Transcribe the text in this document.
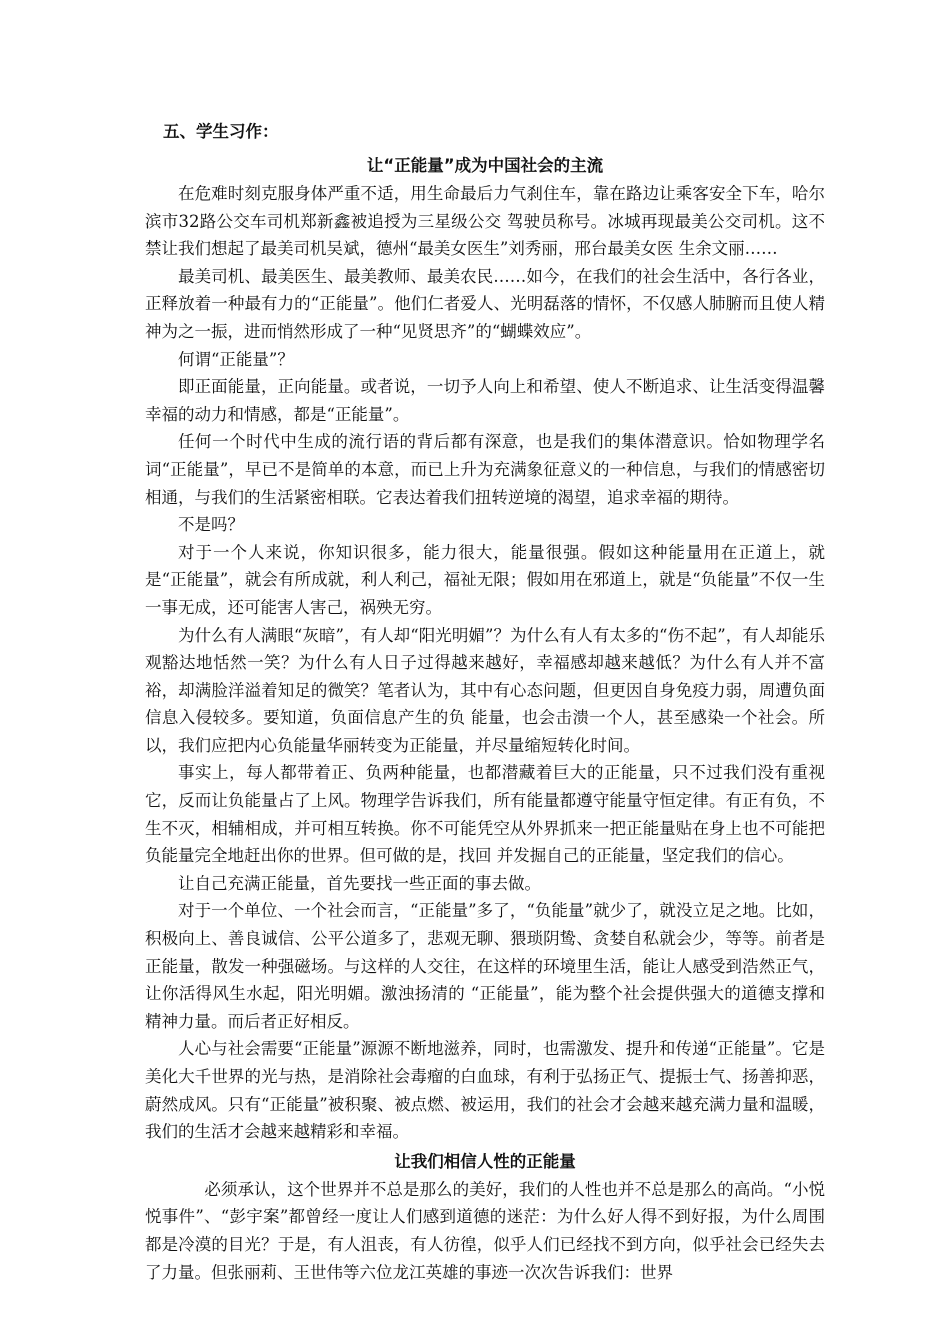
五、学生习作：
让“正能量”成为中国社会的主流

在危难时刻克服身体严重不适，用生命最后力气刹住车，靠在路边让乘客安全下车，哈尔滨市32路公交车司机郑新鑫被追授为三星级公交 驾驶员称号。冰城再现最美公交司机。这不禁让我们想起了最美司机吴斌，德州“最美女医生”刘秀丽，邢台最美女医 生余文丽……

最美司机、最美医生、最美教师、最美农民……如今，在我们的社会生活中，各行各业，正释放着一种最有力的“正能量”。他们仁者爱人、光明磊落的情怀，不仅感人肺腑而且使人精神为之一振，进而悄然形成了一种“见贤思齐”的“蝴蝶效应”。

何谓“正能量”？

即正面能量，正向能量。或者说，一切予人向上和希望、使人不断追求、让生活变得温馨幸福的动力和情感，都是“正能量”。

任何一个时代中生成的流行语的背后都有深意，也是我们的集体潜意识。恰如物理学名词“正能量”，早已不是简单的本意，而已上升为充满象征意义的一种信息，与我们的情感密切相通，与我们的生活紧密相联。它表达着我们扭转逆境的渴望，追求幸福的期待。

不是吗？

对于一个人来说，你知识很多，能力很大，能量很强。假如这种能量用在正道上，就是“正能量”，就会有所成就，利人利己，福祉无限；假如用在邪道上，就是“负能量”不仅一生一事无成，还可能害人害己，祸殃无穷。

为什么有人满眼“灰暗”，有人却“阳光明媚”？为什么有人有太多的“伤不起”，有人却能乐观豁达地恬然一笑？为什么有人日子过得越来越好，幸福感却越来越低？为什么有人并不富裕，却满脸洋溢着知足的微笑？笔者认为，其中有心态问题，但更因自身免疫力弱，周遭负面信息入侵较多。要知道，负面信息产生的负 能量，也会击溃一个人，甚至感染一个社会。所以，我们应把内心负能量华丽转变为正能量，并尽量缩短转化时间。

事实上，每人都带着正、负两种能量，也都潜藏着巨大的正能量，只不过我们没有重视它，反而让负能量占了上风。物理学告诉我们，所有能量都遵守能量守恒定律。有正有负，不生不灭，相辅相成，并可相互转换。你不可能凭空从外界抓来一把正能量贴在身上也不可能把负能量完全地赶出你的世界。但可做的是，找回 并发掘自己的正能量，坚定我们的信心。

让自己充满正能量，首先要找一些正面的事去做。

对于一个单位、一个社会而言，“正能量”多了，“负能量”就少了，就没立足之地。比如，积极向上、善良诚信、公平公道多了，悲观无聊、猥琐阴鸷、贪婪自私就会少，等等。前者是正能量，散发一种强磁场。与这样的人交往，在这样的环境里生活，能让人感受到浩然正气，让你活得风生水起，阳光明媚。激浊扬清的 “正能量”，能为整个社会提供强大的道德支撑和精神力量。而后者正好相反。

人心与社会需要“正能量”源源不断地滋养，同时，也需激发、提升和传递“正能量”。它是美化大千世界的光与热，是消除社会毒瘤的白血球，有利于弘扬正气、提振士气、扬善抑恶，蔚然成风。只有“正能量”被积聚、被点燃、被运用，我们的社会才会越来越充满力量和温暖，我们的生活才会越来越精彩和幸福。

让我们相信人性的正能量

必须承认，这个世界并不总是那么的美好，我们的人性也并不总是那么的高尚。“小悦悦事件”、“彭宇案”都曾经一度让人们感到道德的迷茫：为什么好人得不到好报，为什么周围都是冷漠的目光？于是，有人沮丧，有人彷徨，似乎人们已经找不到方向，似乎社会已经失去了力量。但张丽莉、王世伟等六位龙江英雄的事迹一次次告诉我们：世界
